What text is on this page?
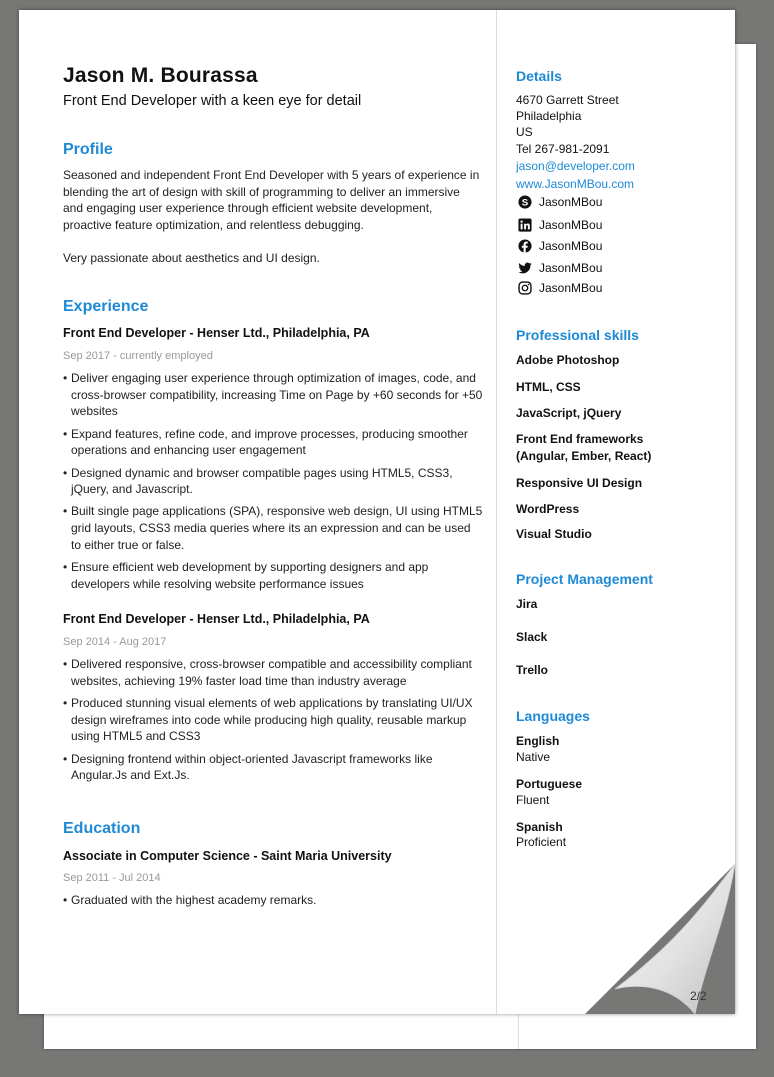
Jason M. Bourassa
Front End Developer with a keen eye for detail
Profile
Seasoned and independent Front End Developer with 5 years of experience in blending the art of design with skill of programming to deliver an immersive and engaging user experience through efficient website development, proactive feature optimization, and relentless debugging.
Very passionate about aesthetics and UI design.
Experience
Front End Developer - Henser Ltd., Philadelphia, PA
Sep 2017 - currently employed
• Deliver engaging user experience through optimization of images, code, and cross-browser compatibility, increasing Time on Page by +60 seconds for +50 websites
• Expand features, refine code, and improve processes, producing smoother operations and enhancing user engagement
• Designed dynamic and browser compatible pages using HTML5, CSS3, jQuery, and Javascript.
• Built single page applications (SPA), responsive web design, UI using HTML5 grid layouts, CSS3 media queries where its an expression and can be used to either true or false.
• Ensure efficient web development by supporting designers and app developers while resolving website performance issues
Front End Developer - Henser Ltd., Philadelphia, PA
Sep 2014 - Aug 2017
• Delivered responsive, cross-browser compatible and accessibility compliant websites, achieving 19% faster load time than industry average
• Produced stunning visual elements of web applications by translating UI/UX design wireframes into code while producing high quality, reusable markup using HTML5 and CSS3
• Designing frontend within object-oriented Javascript frameworks like Angular.Js and Ext.Js.
Education
Associate in Computer Science - Saint Maria University
Sep 2011 - Jul 2014
• Graduated with the highest academy remarks.
Details
4670 Garrett Street
Philadelphia
US
Tel 267-981-2091
jason@developer.com
www.JasonMBou.com
S JasonMBou
JasonMBou
JasonMBou
JasonMBou
JasonMBou
Professional skills
Adobe Photoshop
HTML, CSS
JavaScript, jQuery
Front End frameworks (Angular, Ember, React)
Responsive UI Design
WordPress
Visual Studio
Project Management
Jira
Slack
Trello
Languages
English
Native
Portuguese
Fluent
Spanish
Proficient
2/2
